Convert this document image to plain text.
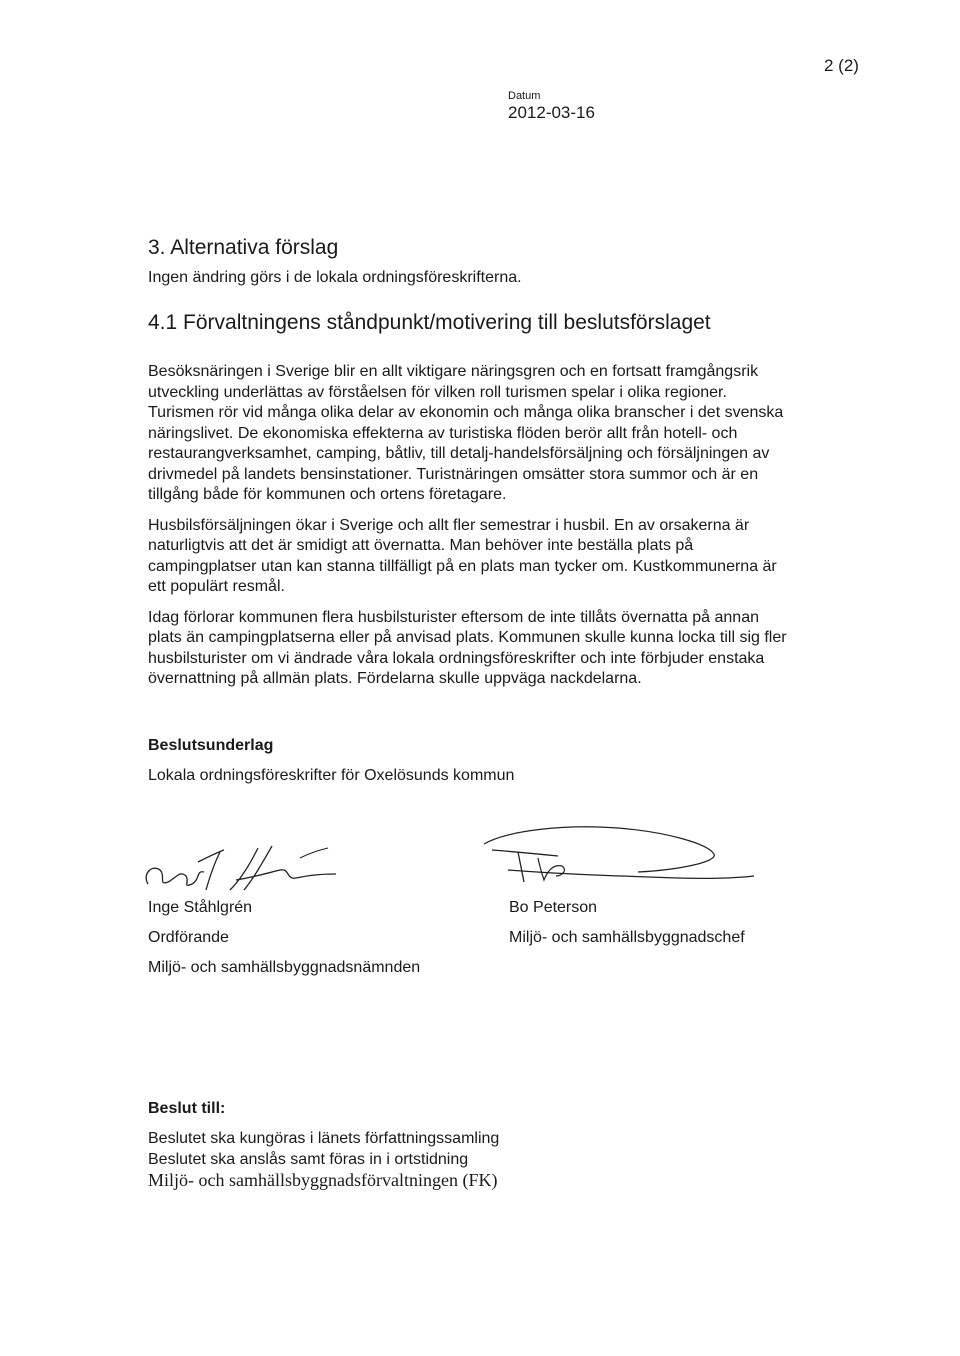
2 (2)
Datum
2012-03-16
3. Alternativa förslag
Ingen ändring görs i de lokala ordningsföreskrifterna.
4.1 Förvaltningens ståndpunkt/motivering till beslutsförslaget

Besöksnäringen i Sverige blir en allt viktigare näringsgren och en fortsatt framgångsrik utveckling underlättas av förståelsen för vilken roll turismen spelar i olika regioner. Turismen rör vid många olika delar av ekonomin och många olika branscher i det svenska näringslivet. De ekonomiska effekterna av turistiska flöden berör allt från hotell- och restaurangverksamhet, camping, båtliv, till detalj-handelsförsäljning och försäljningen av drivmedel på landets bensinstationer. Turistnäringen omsätter stora summor och är en tillgång både för kommunen och ortens företagare.

Husbilsförsäljningen ökar i Sverige och allt fler semestrar i husbil. En av orsakerna är naturligtvis att det är smidigt att övernatta. Man behöver inte beställa plats på campingplatser utan kan stanna tillfälligt på en plats man tycker om. Kustkommunerna är ett populärt resmål.

Idag förlorar kommunen flera husbilsturister eftersom de inte tillåts övernatta på annan plats än campingplatserna eller på anvisad plats. Kommunen skulle kunna locka till sig fler husbilsturister om vi ändrade våra lokala ordningsföreskrifter och inte förbjuder enstaka övernattning på allmän plats. Fördelarna skulle uppväga nackdelarna.

Beslutsunderlag
Lokala ordningsföreskrifter för Oxelösunds kommun
Inge Ståhlgrén
Ordförande
Miljö- och samhällsbyggnadsnämnden
Bo Peterson
Miljö- och samhällsbyggnadschef
Beslut till:
Beslutet ska kungöras i länets författningssamling
Beslutet ska anslås samt föras in i ortstidning
Miljö- och samhällsbyggnadsförvaltningen (FK)
